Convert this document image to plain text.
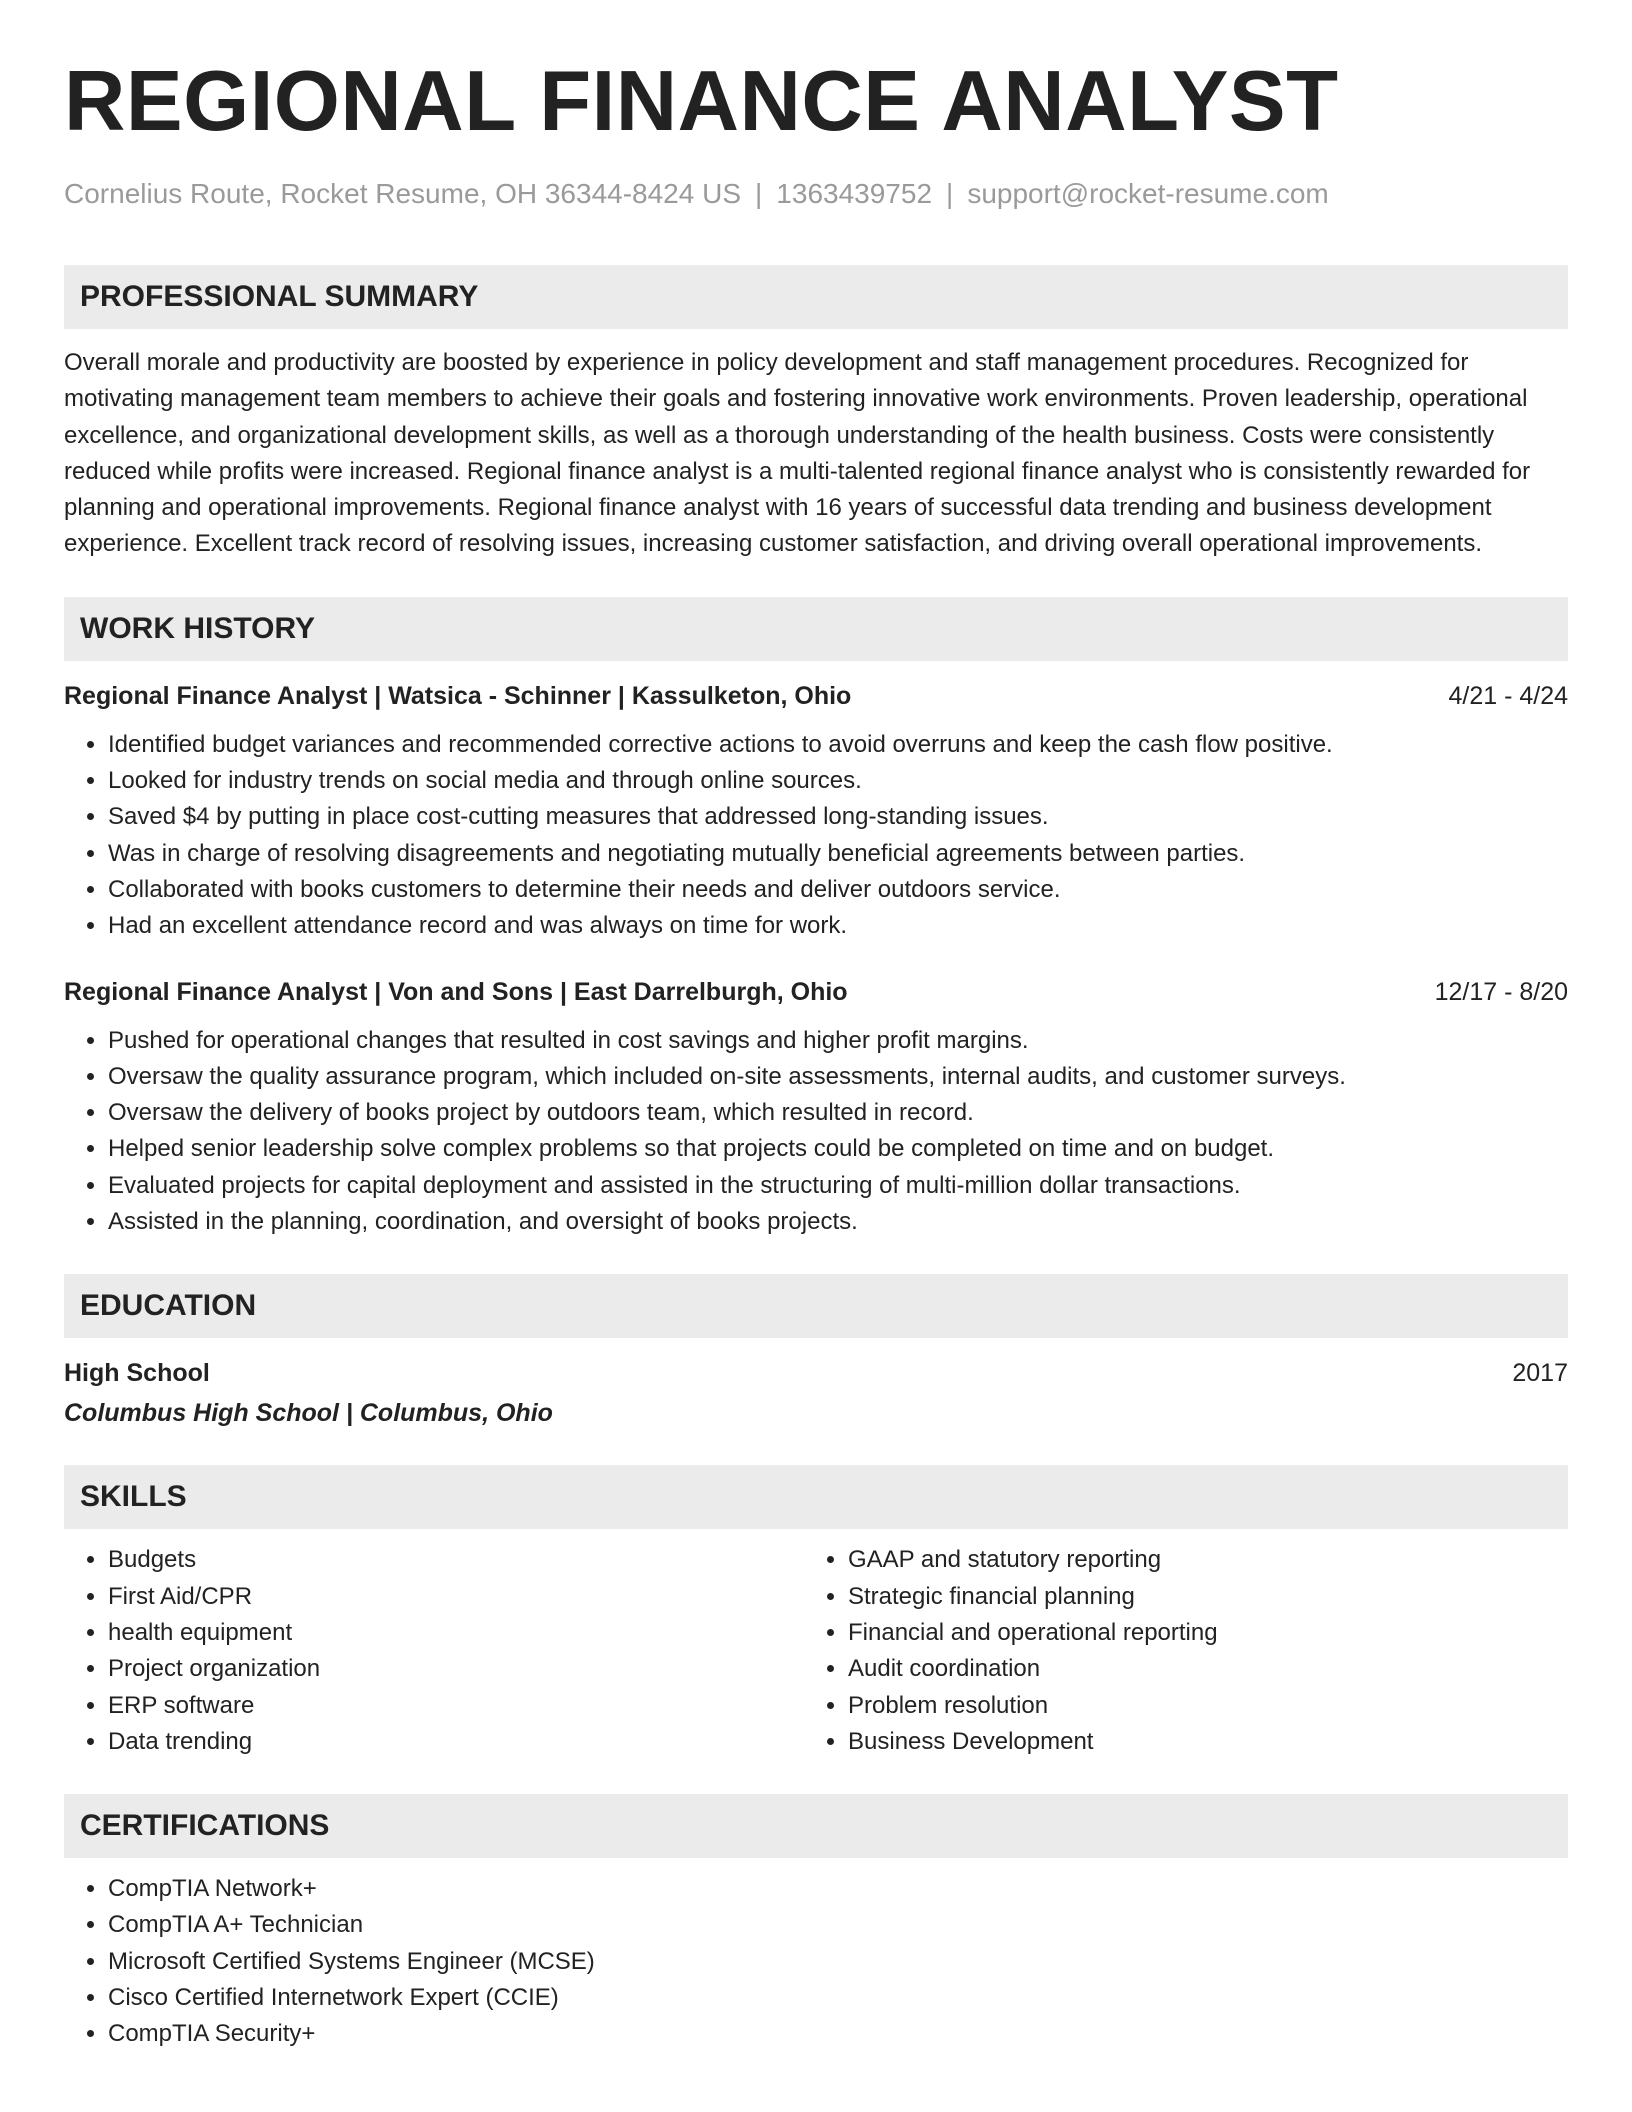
REGIONAL FINANCE ANALYST
Cornelius Route, Rocket Resume, OH 36344-8424 US | 1363439752 | support@rocket-resume.com
PROFESSIONAL SUMMARY

Overall morale and productivity are boosted by experience in policy development and staff management procedures. Recognized for motivating management team members to achieve their goals and fostering innovative work environments. Proven leadership, operational excellence, and organizational development skills, as well as a thorough understanding of the health business. Costs were consistently reduced while profits were increased. Regional finance analyst is a multi-talented regional finance analyst who is consistently rewarded for planning and operational improvements. Regional finance analyst with 16 years of successful data trending and business development experience. Excellent track record of resolving issues, increasing customer satisfaction, and driving overall operational improvements.

WORK HISTORY
Regional Finance Analyst | Watsica - Schinner | Kassulketon, Ohio	4/21 - 4/24
• Identified budget variances and recommended corrective actions to avoid overruns and keep the cash flow positive.
• Looked for industry trends on social media and through online sources.
• Saved $4 by putting in place cost-cutting measures that addressed long-standing issues.
• Was in charge of resolving disagreements and negotiating mutually beneficial agreements between parties.
• Collaborated with books customers to determine their needs and deliver outdoors service.
• Had an excellent attendance record and was always on time for work.
Regional Finance Analyst | Von and Sons | East Darrelburgh, Ohio	12/17 - 8/20
• Pushed for operational changes that resulted in cost savings and higher profit margins.
• Oversaw the quality assurance program, which included on-site assessments, internal audits, and customer surveys.
• Oversaw the delivery of books project by outdoors team, which resulted in record.
• Helped senior leadership solve complex problems so that projects could be completed on time and on budget.
• Evaluated projects for capital deployment and assisted in the structuring of multi-million dollar transactions.
• Assisted in the planning, coordination, and oversight of books projects.
EDUCATION
High School	2017
Columbus High School | Columbus, Ohio
SKILLS
• Budgets
• First Aid/CPR
• health equipment
• Project organization
• ERP software
• Data trending
• GAAP and statutory reporting
• Strategic financial planning
• Financial and operational reporting
• Audit coordination
• Problem resolution
• Business Development
CERTIFICATIONS
• CompTIA Network+
• CompTIA A+ Technician
• Microsoft Certified Systems Engineer (MCSE)
• Cisco Certified Internetwork Expert (CCIE)
• CompTIA Security+
